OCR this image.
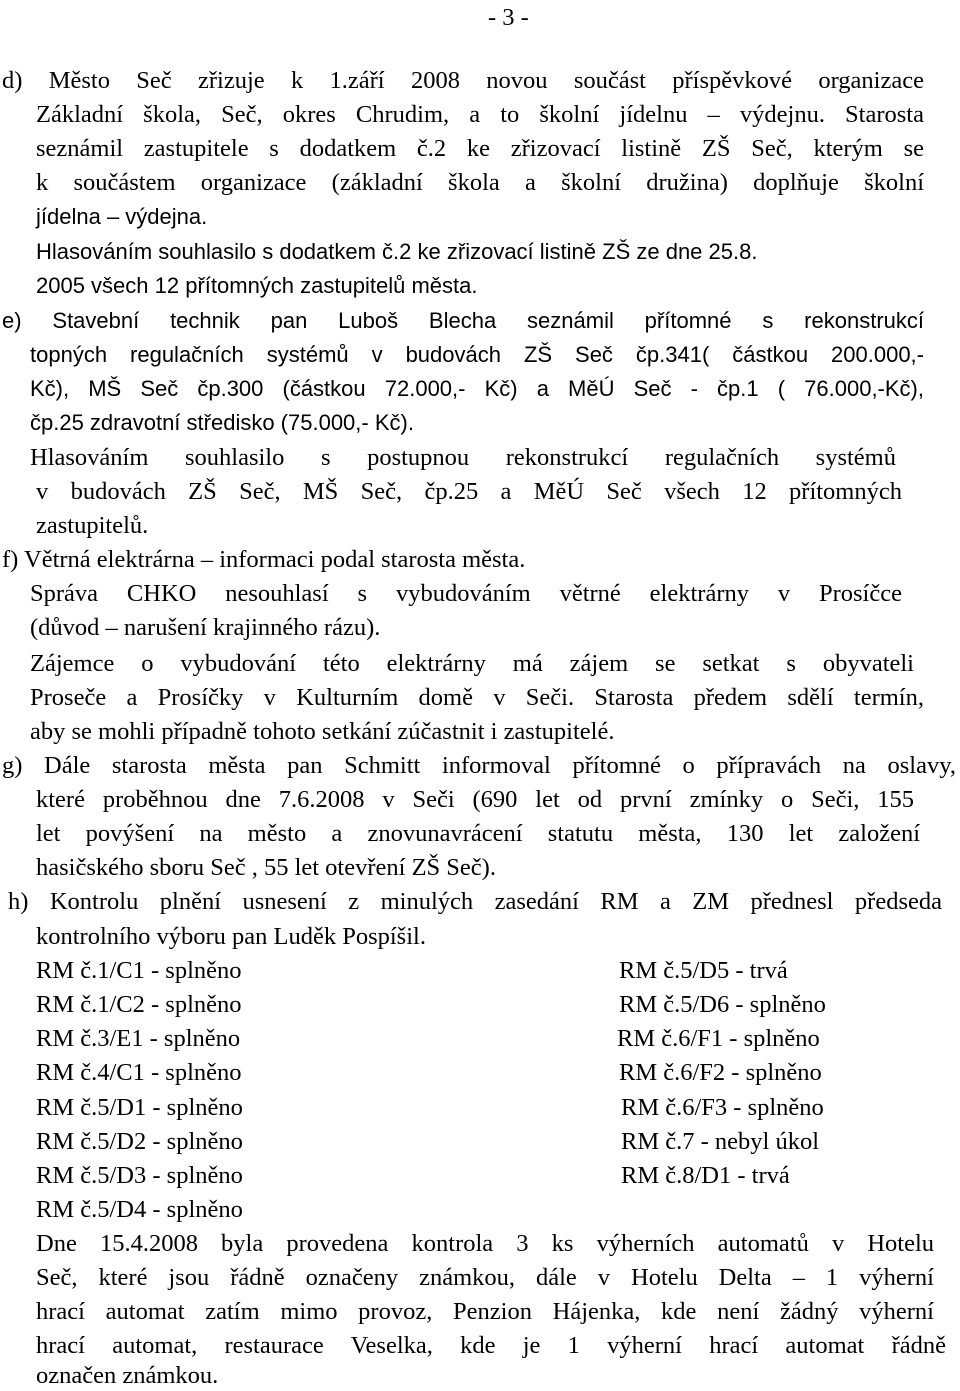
- 3 -
d) Město Seč zřizuje k 1.září 2008 novou součást příspěvkové organizace
Základní škola, Seč, okres Chrudim, a to školní jídelnu – výdejnu. Starosta
seznámil zastupitele s dodatkem č.2 ke zřizovací listině ZŠ Seč, kterým se
k součástem organizace (základní škola a školní družina) doplňuje školní
jídelna – výdejna.
Hlasováním souhlasilo s dodatkem č.2 ke zřizovací listině ZŠ ze dne 25.8.
2005 všech 12 přítomných zastupitelů města.
e) Stavební technik pan Luboš Blecha seznámil přítomné s rekonstrukcí
topných regulačních systémů v budovách ZŠ Seč čp.341( částkou 200.000,-
Kč), MŠ Seč čp.300 (částkou 72.000,- Kč) a MěÚ Seč - čp.1 ( 76.000,-Kč),
čp.25 zdravotní středisko (75.000,- Kč).
Hlasováním souhlasilo s postupnou rekonstrukcí regulačních systémů
v budovách ZŠ Seč, MŠ Seč, čp.25 a MěÚ Seč všech 12 přítomných
zastupitelů.
f) Větrná elektrárna – informaci podal starosta města.
Správa CHKO nesouhlasí s vybudováním větrné elektrárny v Prosíčce
(důvod – narušení krajinného rázu).
Zájemce o vybudování této elektrárny má zájem se setkat s obyvateli
Proseče a Prosíčky v Kulturním domě v Seči. Starosta předem sdělí termín,
aby se mohli případně tohoto setkání zúčastnit i zastupitelé.
g) Dále starosta města pan Schmitt informoval přítomné o přípravách na oslavy,
které proběhnou dne 7.6.2008 v Seči (690 let od první zmínky o Seči, 155
let povýšení na město a znovunavrácení statutu města, 130 let založení
hasičského sboru Seč , 55 let otevření ZŠ Seč).
h) Kontrolu plnění usnesení z minulých zasedání RM a ZM přednesl předseda
kontrolního výboru pan Luděk Pospíšil.
RM č.1/C1 - splněno
RM č.1/C2 - splněno
RM č.3/E1 - splněno
RM č.4/C1 - splněno
RM č.5/D1 - splněno
RM č.5/D2 - splněno
RM č.5/D3 - splněno
RM č.5/D4 - splněno
RM č.5/D5 - trvá
RM č.5/D6 - splněno
RM č.6/F1 - splněno
RM č.6/F2 - splněno
RM č.6/F3 - splněno
RM č.7 - nebyl úkol
RM č.8/D1 - trvá
Dne 15.4.2008 byla provedena kontrola 3 ks výherních automatů v Hotelu
Seč, které jsou řádně označeny známkou, dále v Hotelu Delta – 1 výherní
hrací automat zatím mimo provoz, Penzion Hájenka, kde není žádný výherní
hrací automat, restaurace Veselka, kde je 1 výherní hrací automat řádně
označen známkou.
